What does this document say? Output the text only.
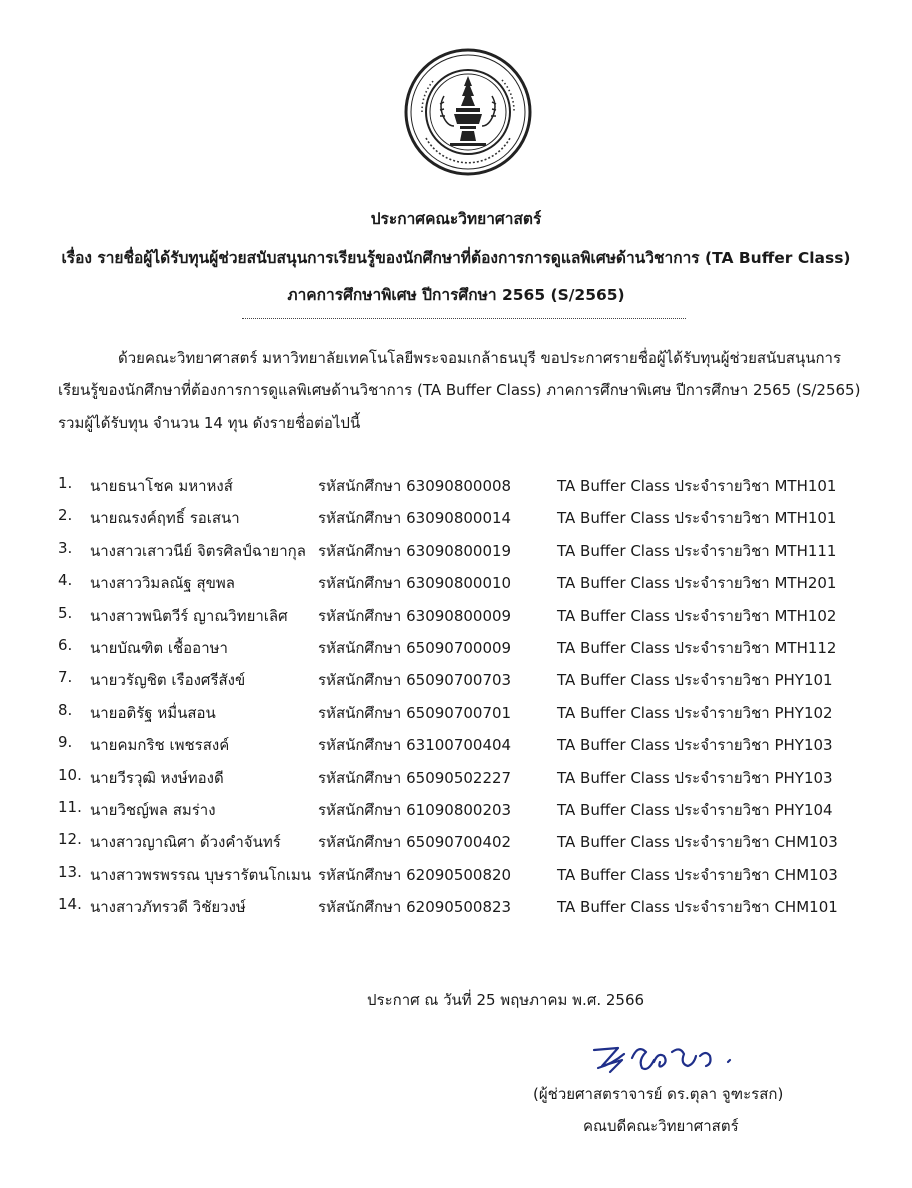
ประกาศคณะวิทยาศาสตร์
เรื่อง รายชื่อผู้ได้รับทุนผู้ช่วยสนับสนุนการเรียนรู้ของนักศึกษาที่ต้องการการดูแลพิเศษด้านวิชาการ (TA Buffer Class)
ภาคการศึกษาพิเศษ ปีการศึกษา 2565 (S/2565)
ด้วยคณะวิทยาศาสตร์ มหาวิทยาลัยเทคโนโลยีพระจอมเกล้าธนบุรี ขอประกาศรายชื่อผู้ได้รับทุนผู้ช่วยสนับสนุนการ
เรียนรู้ของนักศึกษาที่ต้องการการดูแลพิเศษด้านวิชาการ (TA Buffer Class) ภาคการศึกษาพิเศษ ปีการศึกษา 2565 (S/2565)
รวมผู้ได้รับทุน จำนวน 14 ทุน ดังรายชื่อต่อไปนี้
1. นายธนาโชค มหาหงส์	รหัสนักศึกษา 63090800008	TA Buffer Class ประจำรายวิชา MTH101
2. นายณรงค์ฤทธิ์ รอเสนา	รหัสนักศึกษา 63090800014	TA Buffer Class ประจำรายวิชา MTH101
3. นางสาวเสาวนีย์ จิตรศิลป์ฉายากุล รหัสนักศึกษา 63090800019	TA Buffer Class ประจำรายวิชา MTH111
4. นางสาววิมลณัฐ สุขพล	รหัสนักศึกษา 63090800010	TA Buffer Class ประจำรายวิชา MTH201
5. นางสาวพนิตวีร์ ญาณวิทยาเลิศ รหัสนักศึกษา 63090800009	TA Buffer Class ประจำรายวิชา MTH102
6. นายบัณฑิต เชื้ออาษา	รหัสนักศึกษา 65090700009	TA Buffer Class ประจำรายวิชา MTH112
7. นายวรัญชิต เรืองศรีสังข์	รหัสนักศึกษา 65090700703	TA Buffer Class ประจำรายวิชา PHY101
8. นายอติรัฐ หมื่นสอน	รหัสนักศึกษา 65090700701	TA Buffer Class ประจำรายวิชา PHY102
9. นายคมกริช เพชรสงค์	รหัสนักศึกษา 63100700404	TA Buffer Class ประจำรายวิชา PHY103
10. นายวีรวุฒิ หงษ์ทองดี	รหัสนักศึกษา 65090502227	TA Buffer Class ประจำรายวิชา PHY103
11. นายวิชญ์พล สมร่าง	รหัสนักศึกษา 61090800203	TA Buffer Class ประจำรายวิชา PHY104
12. นางสาวญาณิศา ด้วงคำจันทร์ รหัสนักศึกษา 65090700402	TA Buffer Class ประจำรายวิชา CHM103
13. นางสาวพรพรรณ บุษรารัตนโกเมน รหัสนักศึกษา 62090500820	TA Buffer Class ประจำรายวิชา CHM103
14. นางสาวภัทรวดี วิชัยวงษ์	รหัสนักศึกษา 62090500823	TA Buffer Class ประจำรายวิชา CHM101
ประกาศ ณ วันที่ 25 พฤษภาคม พ.ศ. 2566
(ผู้ช่วยศาสตราจารย์ ดร.ตุลา จูฑะรสก)
คณบดีคณะวิทยาศาสตร์
